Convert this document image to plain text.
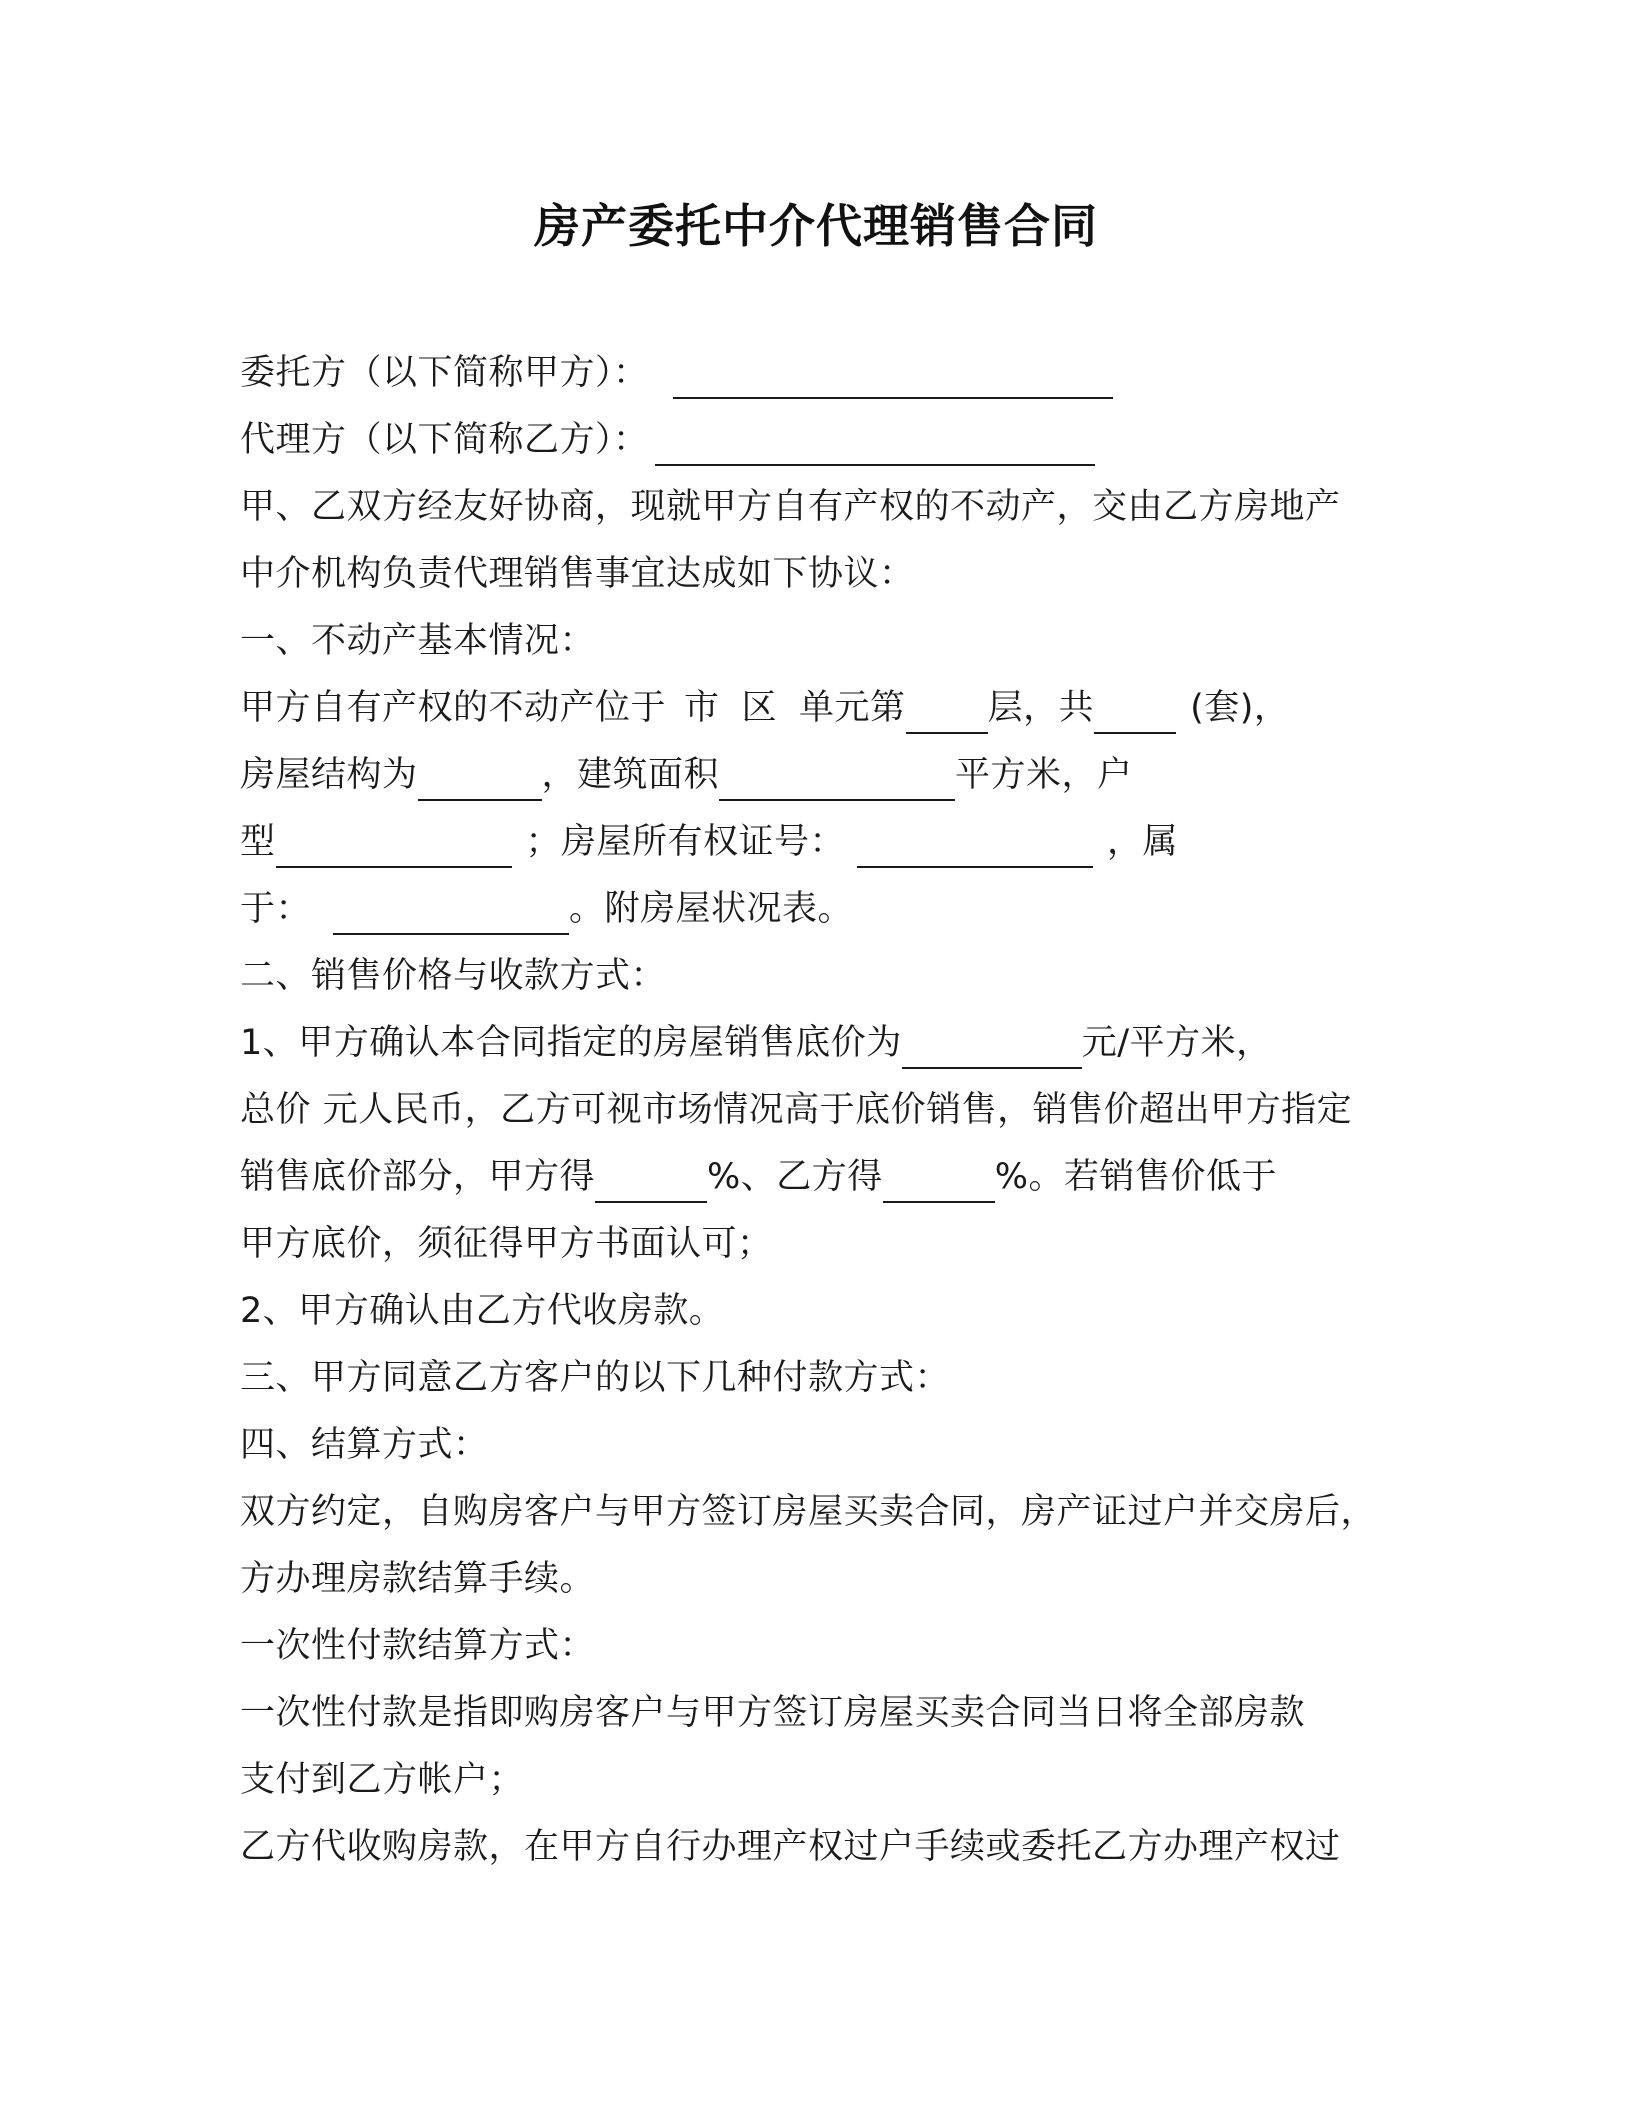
房产委托中介代理销售合同
委托方（以下简称甲方）：
代理方（以下简称乙方）：
甲、乙双方经友好协商，现就甲方自有产权的不动产，交由乙方房地产
中介机构负责代理销售事宜达成如下协议：
一、不动产基本情况：
甲方自有产权的不动产位于 市 区 单元第 层，共	(套)，
房屋结构为	，建筑面积	平方米，户
型	；房屋所有权证号：	，属
于：	。附房屋状况表。
二、销售价格与收款方式：
1、甲方确认本合同指定的房屋销售底价为	元/平方米，
总价 元人民币，乙方可视市场情况高于底价销售，销售价超出甲方指定
销售底价部分，甲方得	%、乙方得	%。若销售价低于
甲方底价，须征得甲方书面认可；
2、甲方确认由乙方代收房款。
三、甲方同意乙方客户的以下几种付款方式：
四、结算方式：
双方约定，自购房客户与甲方签订房屋买卖合同，房产证过户并交房后，
方办理房款结算手续。
一次性付款结算方式：
一次性付款是指即购房客户与甲方签订房屋买卖合同当日将全部房款
支付到乙方帐户；
乙方代收购房款，在甲方自行办理产权过户手续或委托乙方办理产权过
